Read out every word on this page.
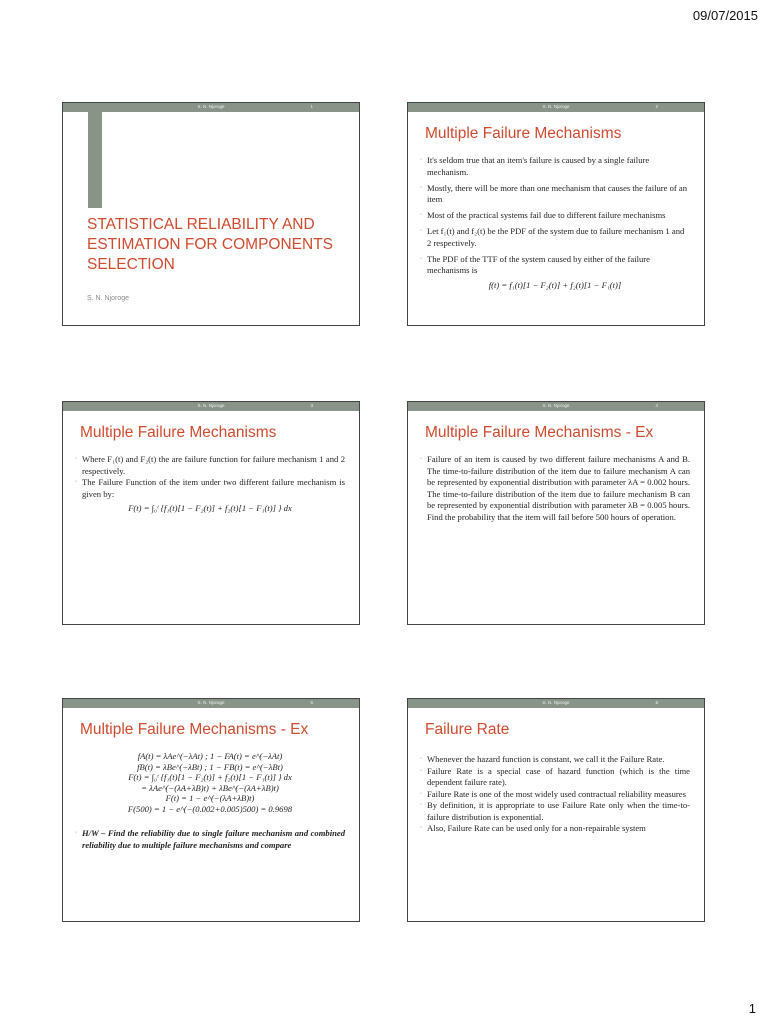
09/07/2015
S. N. Njoroge	1
STATISTICAL RELIABILITY AND ESTIMATION FOR COMPONENTS SELECTION
S. N. Njoroge
S. N. Njoroge	2
Multiple Failure Mechanisms
◦ It's seldom true that an item's failure is caused by a single failure mechanism.
◦ Mostly, there will be more than one mechanism that causes the failure of an item
◦ Most of the practical systems fail due to different failure mechanisms
◦ Let f₁(t) and f₂(t) be the PDF of the system due to failure mechanism 1 and 2 respectively.
◦ The PDF of the TTF of the system caused by either of the failure mechanisms is
f(t) = f₁(t)[1 − F₂(t)] + f₂(t)[1 − F₁(t)]
S. N. Njoroge	3
Multiple Failure Mechanisms
◦ Where F₁(t) and F₂(t) the are failure function for failure mechanism 1 and 2 respectively.
◦ The Failure Function of the item under two different failure mechanism is given by:
F(t) = ∫₀ᵗ {f₁(t)[1 − F₂(t)] + f₂(t)[1 − F₁(t)] } dx
S. N. Njoroge	4
Multiple Failure Mechanisms - Ex
◦ Failure of an item is caused by two different failure mechanisms A and B. The time-to-failure distribution of the item due to failure mechanism A can be represented by exponential distribution with parameter λA = 0.002 hours. The time-to-failure distribution of the item due to failure mechanism B can be represented by exponential distribution with parameter λB = 0.005 hours. Find the probability that the item will fail before 500 hours of operation.
S. N. Njoroge	5
Multiple Failure Mechanisms - Ex
fA(t) = λAe^(−λAt) ; 1 − FA(t) = e^(−λAt)
fB(t) = λBe^(−λBt) ; 1 − FB(t) = e^(−λBt)
F(t) = ∫₀ᵗ {f₁(t)[1 − F₂(t)] + f₂(t)[1 − F₁(t)] } dx
= λAe^(−(λA+λB)t) + λBe^(−(λA+λB)t)
F(t) = 1 − e^(−(λA+λB)t)
F(500) = 1 − e^(−(0.002+0.005)500) = 0.9698
◦ H/W – Find the reliability due to single failure mechanism and combined reliability due to multiple failure mechanisms and compare
S. N. Njoroge	6
Failure Rate
◦ Whenever the hazard function is constant, we call it the Failure Rate.
◦ Failure Rate is a special case of hazard function (which is the time dependent failure rate).
◦ Failure Rate is one of the most widely used contractual reliability measures
◦ By definition, it is appropriate to use Failure Rate only when the time-to-failure distribution is exponential.
◦ Also, Failure Rate can be used only for a non-repairable system
1
